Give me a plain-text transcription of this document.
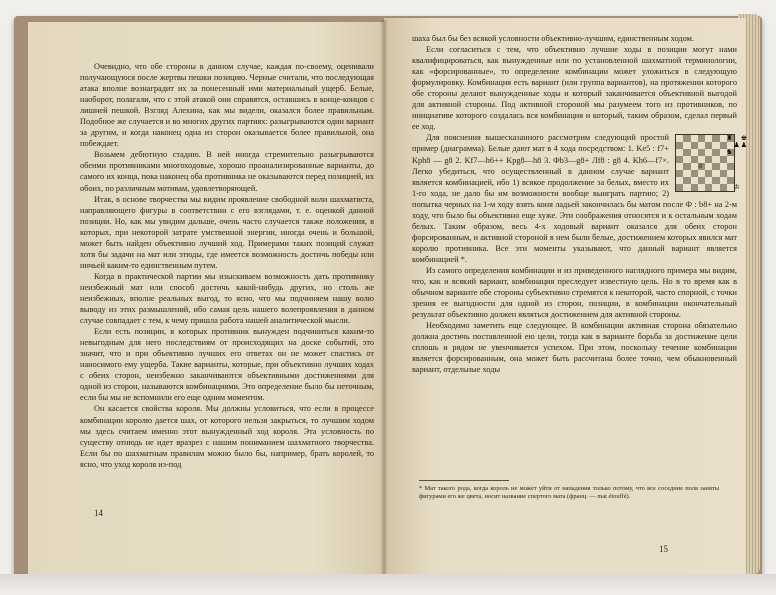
Очевидно, что обе стороны в данном случае, каждая по-своему, оценивали получающуюся после жертвы пешки позицию. Черные считали, что последующая атака вполне вознаградит их за понесенный ими материальный ущерб. Белые, наоборот, полагали, что с этой атакой они справятся, оставшись в конце-концов с лишней пешкой. Взгляд Алехина, как мы видели, оказался более правильным. Подобное же случается и во многих других партиях: разыгрываются один вариант за другим, и когда наконец одна из сторон оказывается более правильной, она побеждает.

Возьмем дебютную стадию. В ней иногда стремительно разыгрываются обеими противниками многоходовые, хорошо проанализированные варианты, до самого их конца, пока наконец оба противника не оказываются перед позицией, их обоих, по различным мотивам, удовлетворяющей.

Итак, в основе творчества мы видим проявление свободной воли шахматиста, направляющего фигуры в соответствии с его взглядами, т. е. оценкой данной позиции. Но, как мы увидим дальше, очень часто случается также положения, в которых, при некоторой затрате умственной энергии, иногда очень и большой, может быть найден объективно лучший ход. Примерами таких позиций служат хотя бы задачи на мат или этюды, где имеется возможность достичь победы или ничьей каким-то единственным путем.

Когда в практической партии мы изыскиваем возможность дать противнику неизбежный мат или способ достичь какой-нибудь других, но столь же неизбежных, вполне реальных выгод, то ясно, что мы подчиняем нашу волю выводу из этих размышлений, ибо самая цель нашего волепроявления в данном случае совпадает с тем, к чему пришла работа нашей аналитической мысли.

Если есть позиции, в которых противник вынужден подчиниться каким-то невыгодным для него последствиям от происходящих на доске событий, это значит, что и при объективно лучших его ответах он не может спастись от наносимого ему ущерба. Такие варианты, которые, при объективно лучших ходах с обеих сторон, неизбежно заканчиваются объективными достижениями для одной из сторон, называются комбинациями. Это определение было бы неточным, если бы мы не вспомнили его еще одним моментом.

Он касается свойства короля. Мы должны условиться, что если в процессе комбинации королю дается шах, от которого нельзя закрыться, то лучшим ходом мы здесь считаем именно этот вынужденный ход короля. Эта условность по существу отнюдь не идет вразрез с нашим пониманием шахматного творчества. Если бы по шахматным правилам можно было бы, например, брать королей, то ясно, что уход короля из-под

14

шаха был бы без всякой условности объективно-лучшим, единственным ходом.

Если согласиться с тем, что объективно лучшие ходы в позиции могут нами квалифицироваться, как вынужденные или по установленной шахматной терминологии, как «форсированные», то определение комбинации может уложиться в следующую формулировку. Комбинация есть вариант (или группа вариантов), на протяжении которого обе стороны делают вынужденные ходы и который заканчивается объективной выгодой для активной стороны. Под активной стороной мы разумеем того из противников, по инициативе которого создалась вся комбинация и который, таким образом, сделал первый ее ход.

♜	♚
♟ ♟
♞
♕
♔
Для пояснения вышесказанного рассмотрим следующий простой пример (диаграмма). Белые дают мат в 4 хода посредством: 1. Ke5 : f7+ Kph8 — g8 2. Kf7—h6++ Kpg8—h8 3. Фb3—g8+ Лf8 : g8 4. Kh6—f7×. Легко убедиться, что осуществленный в данном случае вариант является комбинацией, ибо 1) всякое продолжение за белых, вместо их 1-го хода, не дало бы им возможности вообще выиграть партию; 2) попытка черных на 1-м ходу взять коня ладьей закончилась бы матом после Ф : b8+ на 2-м ходу, что было бы объективно еще хуже. Эти соображения относятся и к остальным ходам белых. Таким образом, весь 4-х ходовый вариант оказался для обеих сторон форсированным, и активной стороной в нем были белые, достижением которых явился мат королю противника. Все эти моменты указывают, что данный вариант является комбинацией *.

Из самого определения комбинации и из приведенного наглядного примера мы видим, что, как и всякий вариант, комбинация преследует известную цель. Но в то время как в обычном варианте обе стороны субъективно стремятся к некоторой, часто спорной, с точки зрения ее выгодности для одной из сторон, позиции, в комбинации окончательный результат объективно должен являться достижением для активной стороны.

Необходимо заметить еще следующее. В комбинации активная сторона обязательно должна достичь поставленной ею цели, тогда как в варианте борьба за достижение цели сплошь и рядом не увенчивается успехом. При этом, поскольку течение комбинации является форсированным, она может быть рассчитана более точно, чем обыкновенный вариант, отдельные ходы

* Мат такого рода, когда король не может уйти от нападения только потому, что все соседние поля заняты фигурами его же цвета, носит название спертого мата (франц. — mat étouffé).
15
